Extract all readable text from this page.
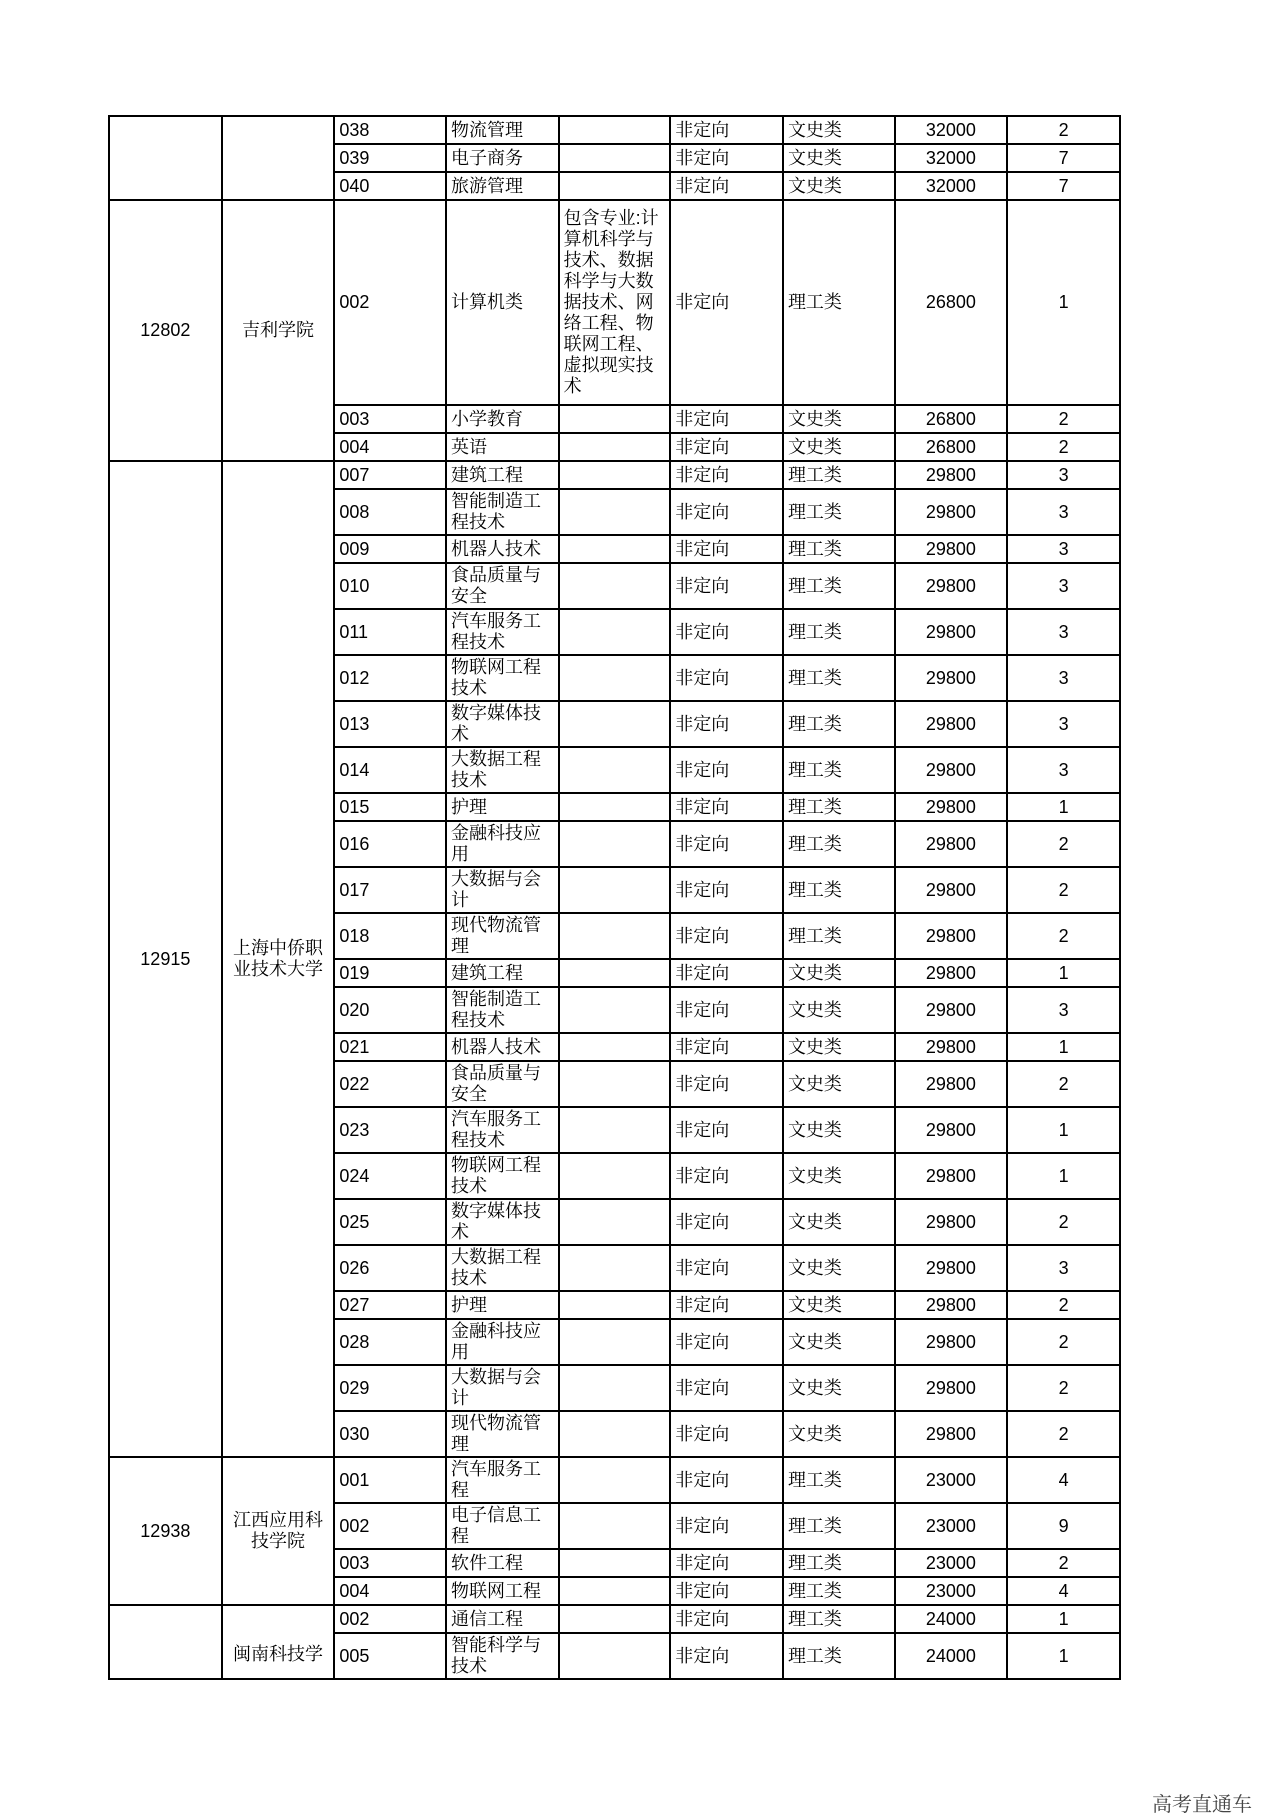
		038	物流管理		非定向	文史类	32000	2
		039	电子商务		非定向	文史类	32000	7
		040	旅游管理		非定向	文史类	32000	7
12802	吉利学院	002	计算机类	包含专业:计算机科学与技术、数据科学与大数据技术、网络工程、物联网工程、虚拟现实技术	非定向	理工类	26800	1
		003	小学教育		非定向	文史类	26800	2
		004	英语		非定向	文史类	26800	2
12915	上海中侨职业技术大学	007	建筑工程		非定向	理工类	29800	3
		008	智能制造工程技术		非定向	理工类	29800	3
		009	机器人技术		非定向	理工类	29800	3
		010	食品质量与安全		非定向	理工类	29800	3
		011	汽车服务工程技术		非定向	理工类	29800	3
		012	物联网工程技术		非定向	理工类	29800	3
		013	数字媒体技术		非定向	理工类	29800	3
		014	大数据工程技术		非定向	理工类	29800	3
		015	护理		非定向	理工类	29800	1
		016	金融科技应用		非定向	理工类	29800	2
		017	大数据与会计		非定向	理工类	29800	2
		018	现代物流管理		非定向	理工类	29800	2
		019	建筑工程		非定向	文史类	29800	1
		020	智能制造工程技术		非定向	文史类	29800	3
		021	机器人技术		非定向	文史类	29800	1
		022	食品质量与安全		非定向	文史类	29800	2
		023	汽车服务工程技术		非定向	文史类	29800	1
		024	物联网工程技术		非定向	文史类	29800	1
		025	数字媒体技术		非定向	文史类	29800	2
		026	大数据工程技术		非定向	文史类	29800	3
		027	护理		非定向	文史类	29800	2
		028	金融科技应用		非定向	文史类	29800	2
		029	大数据与会计		非定向	文史类	29800	2
		030	现代物流管理		非定向	文史类	29800	2
12938	江西应用科技学院	001	汽车服务工程		非定向	理工类	23000	4
		002	电子信息工程		非定向	理工类	23000	9
		003	软件工程		非定向	理工类	23000	2
		004	物联网工程		非定向	理工类	23000	4

	闽南科技学	002	通信工程		非定向	理工类	24000	1
		005	智能科学与技术		非定向	理工类	24000	1
高考直通车
